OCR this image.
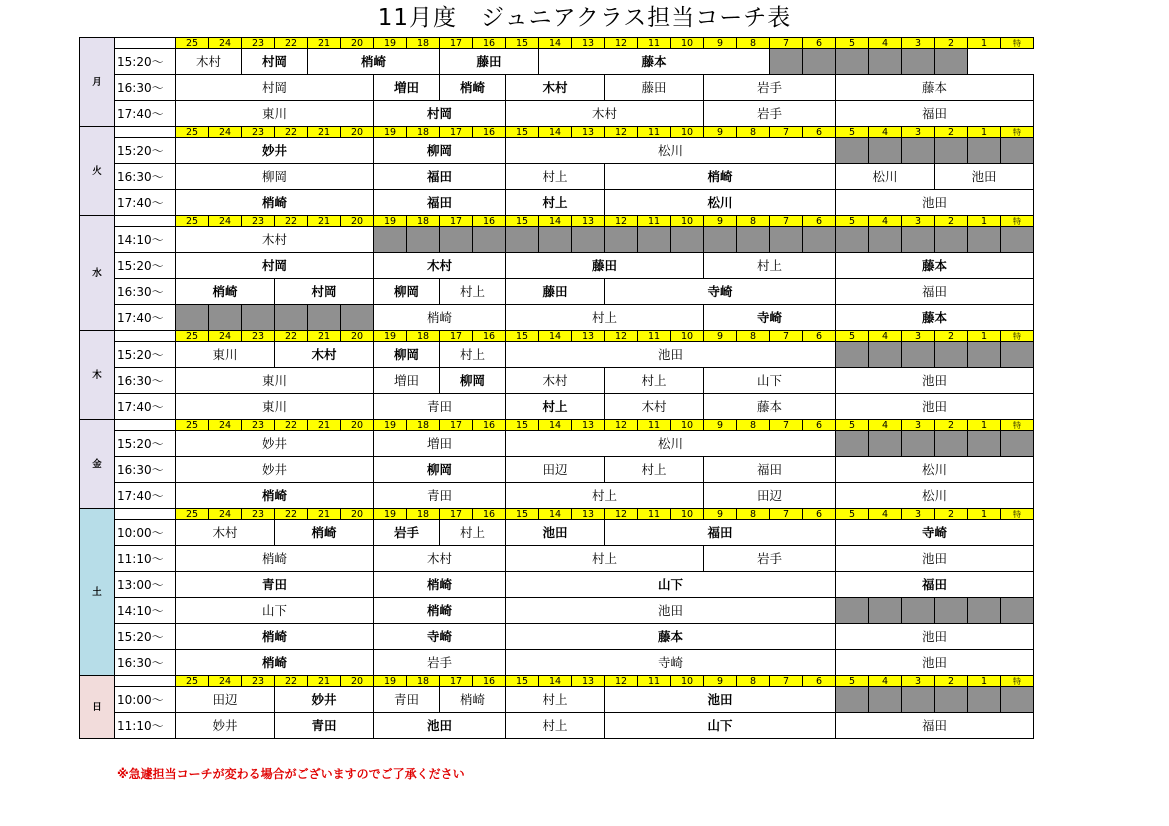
11月度　ジュニアクラス担当コーチ表
月		25	24	23	22	21	20	19	18	17	16	15	14	13	12	11	10	9	8	7	6	5	4	3	2	1	特
	15:20～	木村		村岡		梢崎				藤田			藤本														
	16:30～	村岡						増田		梢崎		木村			藤田			岩手				藤本					
	17:40～	東川						村岡				木村						岩手				福田					
火		25	24	23	22	21	20	19	18	17	16	15	14	13	12	11	10	9	8	7	6	5	4	3	2	1	特
	15:20～	妙井						柳岡				松川															
	16:30～	柳岡						福田				村上			梢崎							松川			池田		
	17:40～	梢崎						福田				村上			松川							池田					
水		25	24	23	22	21	20	19	18	17	16	15	14	13	12	11	10	9	8	7	6	5	4	3	2	1	特
	14:10～	木村																									
	15:20～	村岡						木村				藤田						村上				藤本					
	16:30～	梢崎			村岡			柳岡		村上		藤田			寺崎							福田					
	17:40～							梢崎				村上						寺崎				藤本					
木		25	24	23	22	21	20	19	18	17	16	15	14	13	12	11	10	9	8	7	6	5	4	3	2	1	特
	15:20～	東川			木村			柳岡		村上		池田															
	16:30～	東川						増田		柳岡		木村			村上			山下				池田					
	17:40～	東川						青田				村上			木村			藤本				池田					
金		25	24	23	22	21	20	19	18	17	16	15	14	13	12	11	10	9	8	7	6	5	4	3	2	1	特
	15:20～	妙井						増田				松川															
	16:30～	妙井						柳岡				田辺			村上			福田				松川					
	17:40～	梢崎						青田				村上						田辺				松川					
土		25	24	23	22	21	20	19	18	17	16	15	14	13	12	11	10	9	8	7	6	5	4	3	2	1	特
	10:00～	木村			梢崎			岩手		村上		池田			福田							寺崎					
	11:10～	梢崎						木村				村上						岩手				池田					
	13:00～	青田						梢崎				山下										福田					
	14:10～	山下						梢崎				池田															
	15:20～	梢崎						寺崎				藤本										池田					
	16:30～	梢崎						岩手				寺崎										池田					
日		25	24	23	22	21	20	19	18	17	16	15	14	13	12	11	10	9	8	7	6	5	4	3	2	1	特
	10:00～	田辺			妙井			青田		梢崎		村上			池田												
	11:10～	妙井			青田			池田				村上			山下							福田					
※急遽担当コーチが変わる場合がございますのでご了承ください
